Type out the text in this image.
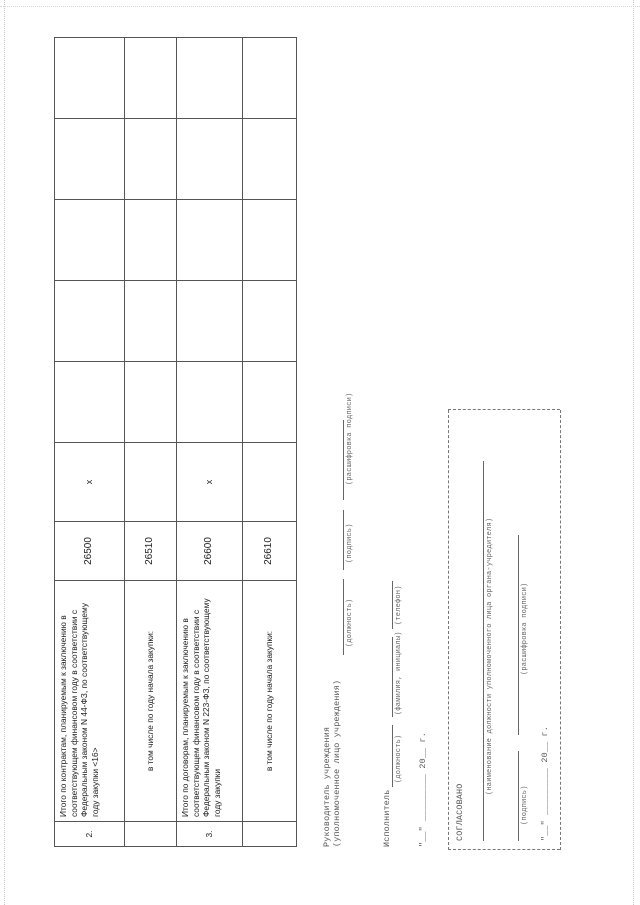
2.	Итого по контрактам, планируемым к заключению в соответствующем финансовом году в соответствии с Федеральным законом N 44-ФЗ, по соответствующему году закупки <16>	26500	x					
	в том числе по году начала закупки:	26510						
3.	Итого по договорам, планируемым к заключению в соответствующем финансовом году в соответствии с Федеральным законом N 223-ФЗ, по соответствующему году закупки	26600	x					
	в том числе по году начала закупки:	26610						
Руководитель учреждения (уполномоченное лицо учреждения)
(должность)
(подпись)
(расшифровка подписи)
Исполнитель
(должность)
(фамилия, инициалы)
(телефон)
"__" _________ 20__ г.	СОГЛАСОВАНО
(наименование должности уполномоченного лица органа-учредителя)
(подпись)
(расшифровка подписи)
"__" _________ 20__ г.
